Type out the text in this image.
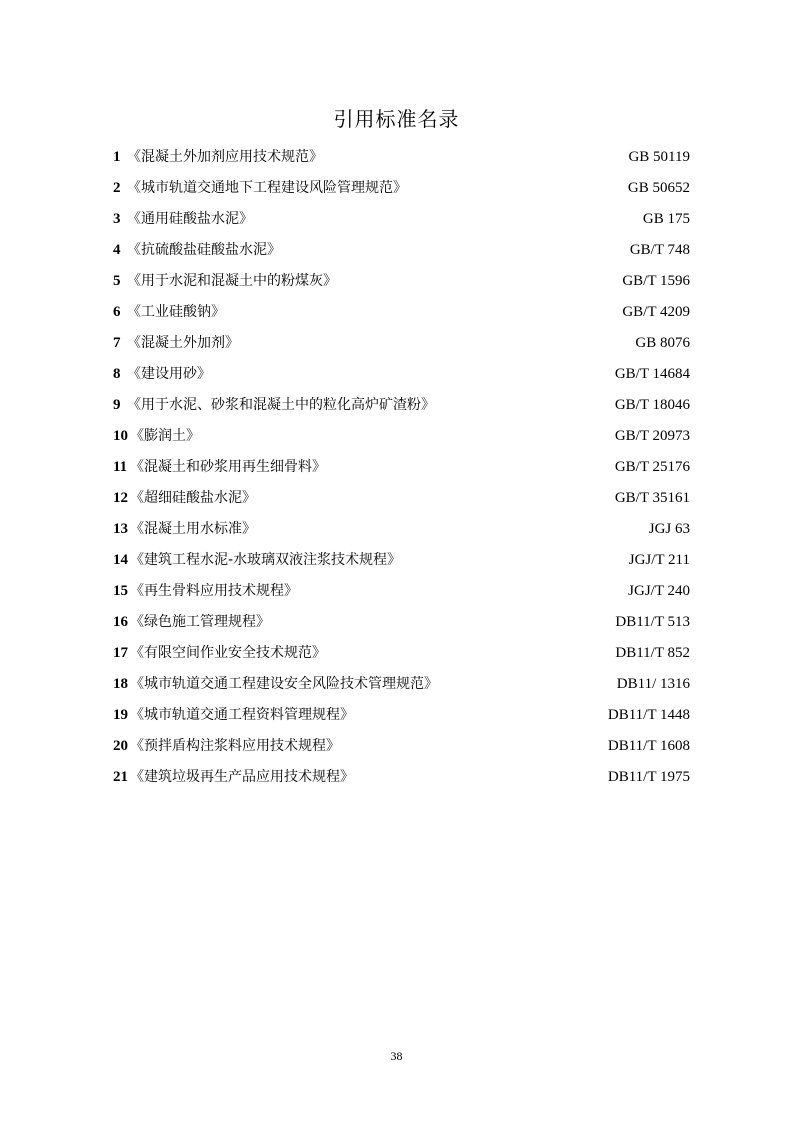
引用标准名录
1 《混凝土外加剂应用技术规范》	GB 50119
2 《城市轨道交通地下工程建设风险管理规范》	GB 50652
3 《通用硅酸盐水泥》	GB 175
4 《抗硫酸盐硅酸盐水泥》	GB/T 748
5 《用于水泥和混凝土中的粉煤灰》	GB/T 1596
6 《工业硅酸钠》	GB/T 4209
7 《混凝土外加剂》	GB 8076
8 《建设用砂》	GB/T 14684
9 《用于水泥、砂浆和混凝土中的粒化高炉矿渣粉》	GB/T 18046
10 《膨润土》	GB/T 20973
11 《混凝土和砂浆用再生细骨料》	GB/T 25176
12 《超细硅酸盐水泥》	GB/T 35161
13 《混凝土用水标准》	JGJ 63
14 《建筑工程水泥-水玻璃双液注浆技术规程》	JGJ/T 211
15 《再生骨料应用技术规程》	JGJ/T 240
16 《绿色施工管理规程》	DB11/T 513
17 《有限空间作业安全技术规范》	DB11/T 852
18 《城市轨道交通工程建设安全风险技术管理规范》	DB11/ 1316
19 《城市轨道交通工程资料管理规程》	DB11/T 1448
20 《预拌盾构注浆料应用技术规程》	DB11/T 1608
21 《建筑垃圾再生产品应用技术规程》	DB11/T 1975
38
